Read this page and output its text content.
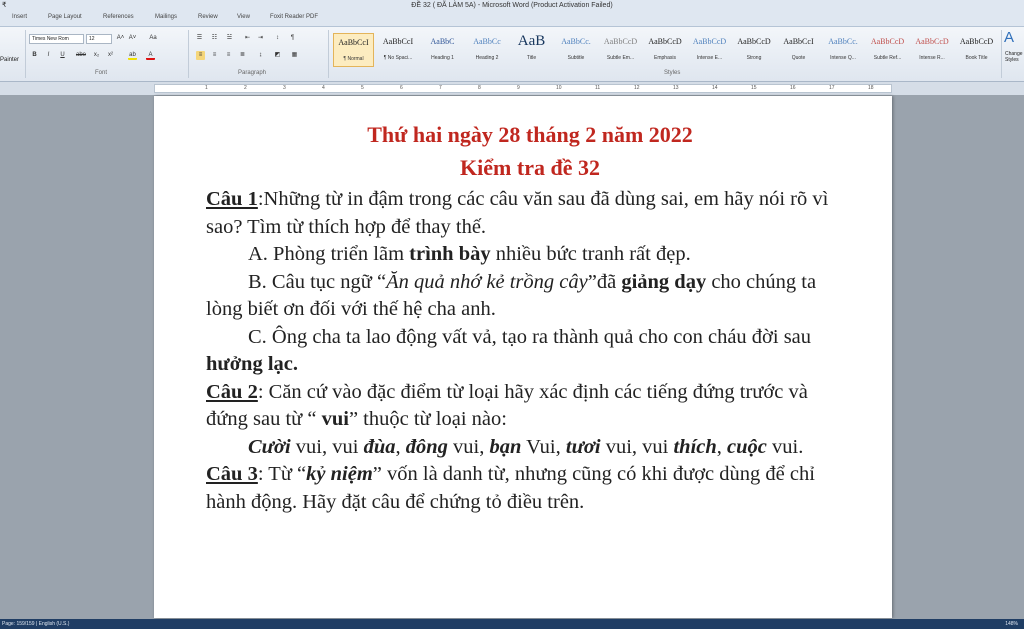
₹	ĐỀ 32 ( ĐÃ LÀM 5A) - Microsoft Word (Product Activation Failed)
Insert	Page Layout	References	Mailings	Review	View	Foxit Reader PDF
Painter
Times New Rom	12	A˄ A˅	Aa
B	I	U	abe	x₂	x²	ab	A
Font
☰	☷	☱	⇤	⇥	↕	¶
≡	≡	≡	≣	↨	◩ ▦
Paragraph
AaBbCcI
¶ Normal
AaBbCcI
¶ No Spaci...
AaBbC
Heading 1
AaBbCc
Heading 2
AaB
Title
AaBbCc.
Subtitle
AaBbCcD
Subtle Em...
AaBbCcD
Emphasis
AaBbCcD
Intense E...
AaBbCcD
Strong
AaBbCcI
Quote
AaBbCc.
Intense Q...
AaBbCcD
Subtle Ref...
AaBbCcD
Intense R...
AaBbCcD
Book Title
Styles
A
Change Styles
1	2	3	4	5	6	7	8	9	10	11	12	13	14	15	16	17	18

Thứ hai ngày 28 tháng 2 năm 2022

Kiểm tra đề 32

Câu 1:Những từ in đậm trong các câu văn sau đã dùng sai, em hãy nói rõ vì sao? Tìm từ thích hợp để thay thế.

A. Phòng triển lãm trình bày nhiều bức tranh rất đẹp.

B. Câu tục ngữ “Ăn quả nhớ kẻ trồng cây”đã giảng dạy cho chúng ta lòng biết ơn đối với thế hệ cha anh.

C. Ông cha ta lao động vất vả, tạo ra thành quả cho con cháu đời sau hưởng lạc.

Câu 2: Căn cứ vào đặc điểm từ loại hãy xác định các tiếng đứng trước và đứng sau từ “ vui” thuộc từ loại nào:

Cười vui, vui đùa, đông vui, bạn Vui, tươi vui, vui thích, cuộc vui.

Câu 3: Từ “kỷ niệm” vốn là danh từ, nhưng cũng có khi được dùng để chỉ hành động. Hãy đặt câu để chứng tỏ điều trên.

Page: 159/159 | English (U.S.)	148%
